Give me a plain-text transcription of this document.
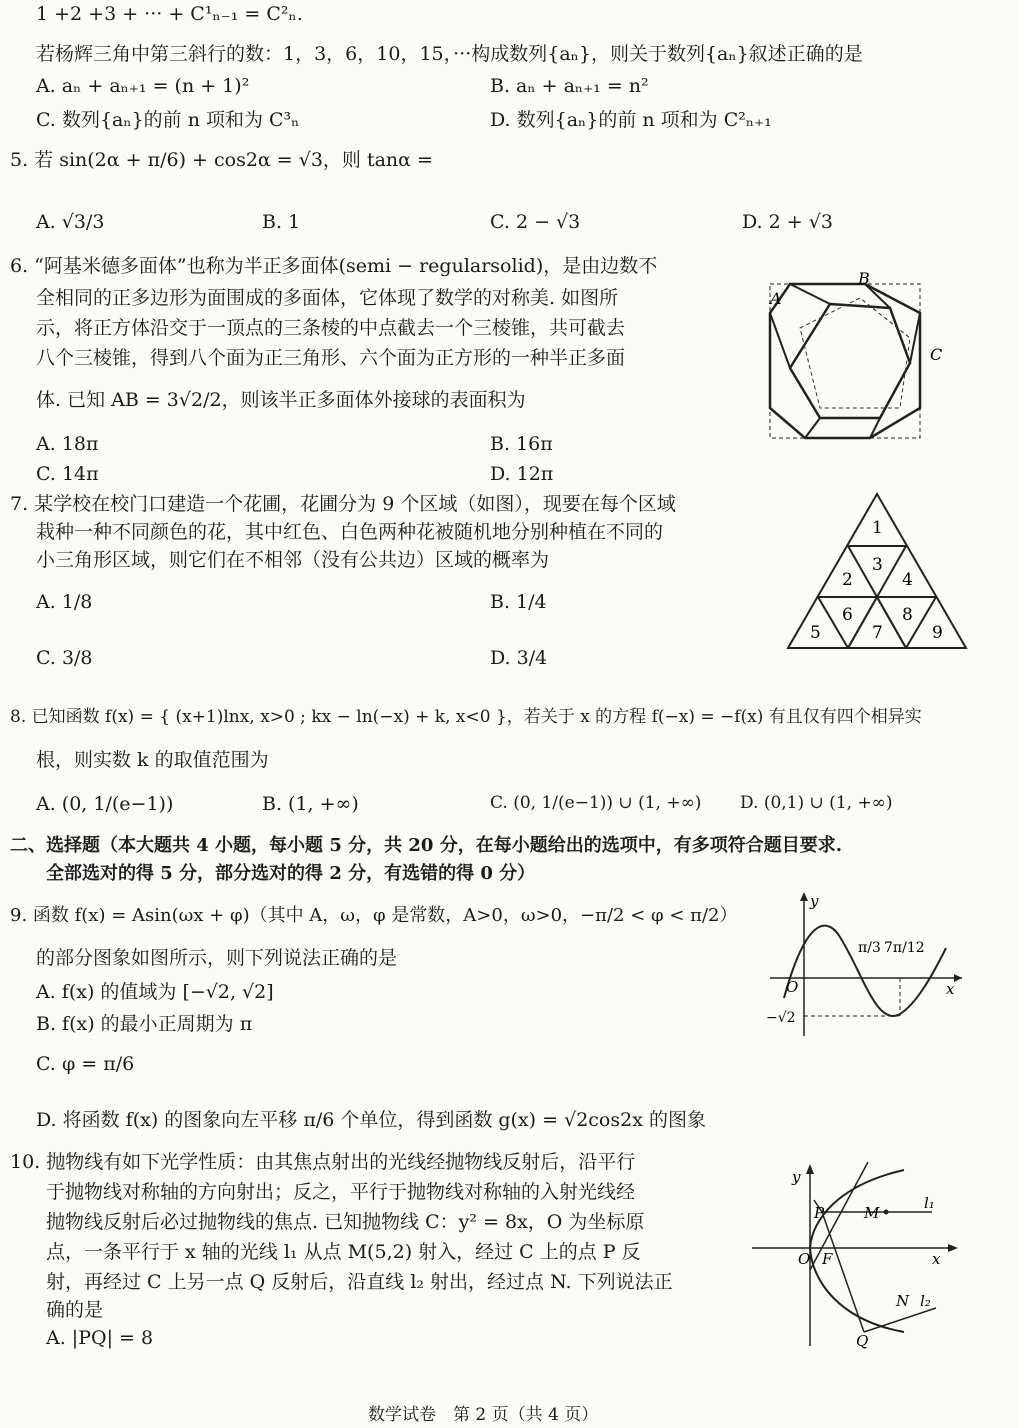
1 +2 +3 + ··· + C¹ₙ₋₁ = C²ₙ.
若杨辉三角中第三斜行的数：1，3，6，10，15，···构成数列{aₙ}，则关于数列{aₙ}叙述正确的是
A. aₙ + aₙ₊₁ = (n + 1)²	B. aₙ + aₙ₊₁ = n²
C. 数列{aₙ}的前 n 项和为 C³ₙ	D. 数列{aₙ}的前 n 项和为 C²ₙ₊₁
5. 若 sin(2α + π/6) + cos2α = √3，则 tanα =
A. √3/3	B. 1	C. 2 − √3	D. 2 + √3
6. “阿基米德多面体”也称为半正多面体(semi − regularsolid)，是由边数不
全相同的正多边形为面围成的多面体，它体现了数学的对称美. 如图所
示，将正方体沿交于一顶点的三条棱的中点截去一个三棱锥，共可截去
八个三棱锥，得到八个面为正三角形、六个面为正方形的一种半正多面
体. 已知 AB = 3√2/2，则该半正多面体外接球的表面积为
A. 18π	B. 16π
C. 14π	D. 12π
7. 某学校在校门口建造一个花圃，花圃分为 9 个区域（如图），现要在每个区域
栽种一种不同颜色的花，其中红色、白色两种花被随机地分别种植在不同的
小三角形区域，则它们在不相邻（没有公共边）区域的概率为
A. 1/8	B. 1/4
C. 3/8	D. 3/4
8. 已知函数 f(x) = { (x+1)lnx, x>0 ; kx − ln(−x) + k, x<0 }，若关于 x 的方程 f(−x) = −f(x) 有且仅有四个相异实
根，则实数 k 的取值范围为
A. (0, 1/(e−1))	B. (1, +∞)	C. (0, 1/(e−1)) ∪ (1, +∞) D. (0,1) ∪ (1, +∞)
二、选择题（本大题共 4 小题，每小题 5 分，共 20 分，在每小题给出的选项中，有多项符合题目要求.
全部选对的得 5 分，部分选对的得 2 分，有选错的得 0 分）
9. 函数 f(x) = Asin(ωx + φ)（其中 A，ω，φ 是常数，A>0，ω>0，−π/2 < φ < π/2）
的部分图象如图所示，则下列说法正确的是
A. f(x) 的值域为 [−√2, √2]
B. f(x) 的最小正周期为 π
C. φ = π/6
D. 将函数 f(x) 的图象向左平移 π/6 个单位，得到函数 g(x) = √2cos2x 的图象
10. 抛物线有如下光学性质：由其焦点射出的光线经抛物线反射后，沿平行
于抛物线对称轴的方向射出；反之，平行于抛物线对称轴的入射光线经
抛物线反射后必过抛物线的焦点. 已知抛物线 C：y² = 8x，O 为坐标原
点，一条平行于 x 轴的光线 l₁ 从点 M(5,2) 射入，经过 C 上的点 P 反
射，再经过 C 上另一点 Q 反射后，沿直线 l₂ 射出，经过点 N. 下列说法正
确的是
A. |PQ| = 8
数学试卷　第 2 页（共 4 页）
A
B
C
1
2
3
4
5
6
7
8
9
y
x
O
π/3 7π/12
−√2
y
x
O F
P	M
l₁
N l₂
Q
